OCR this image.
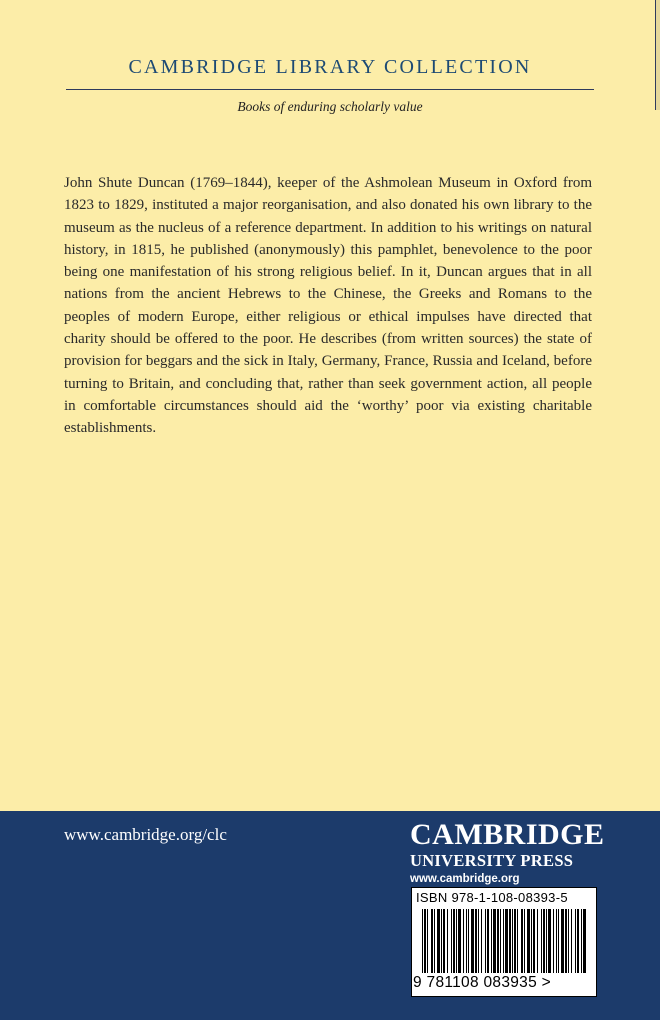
CAMBRIDGE LIBRARY COLLECTION
Books of enduring scholarly value

John Shute Duncan (1769–1844), keeper of the Ashmolean Museum in Oxford from 1823 to 1829, instituted a major reorganisation, and also donated his own library to the museum as the nucleus of a reference department. In addition to his writings on natural history, in 1815, he published (anonymously) this pamphlet, benevolence to the poor being one manifestation of his strong religious belief. In it, Duncan argues that in all nations from the ancient Hebrews to the Chinese, the Greeks and Romans to the peoples of modern Europe, either religious or ethical impulses have directed that charity should be offered to the poor. He describes (from written sources) the state of provision for beggars and the sick in Italy, Germany, France, Russia and Iceland, before turning to Britain, and concluding that, rather than seek government action, all people in comfortable circumstances should aid the ‘worthy’ poor via existing charitable establishments.

www.cambridge.org/clc	CAMBRIDGE
UNIVERSITY PRESS
www.cambridge.org
ISBN 978-1-108-08393-5
9 781108 083935 >
